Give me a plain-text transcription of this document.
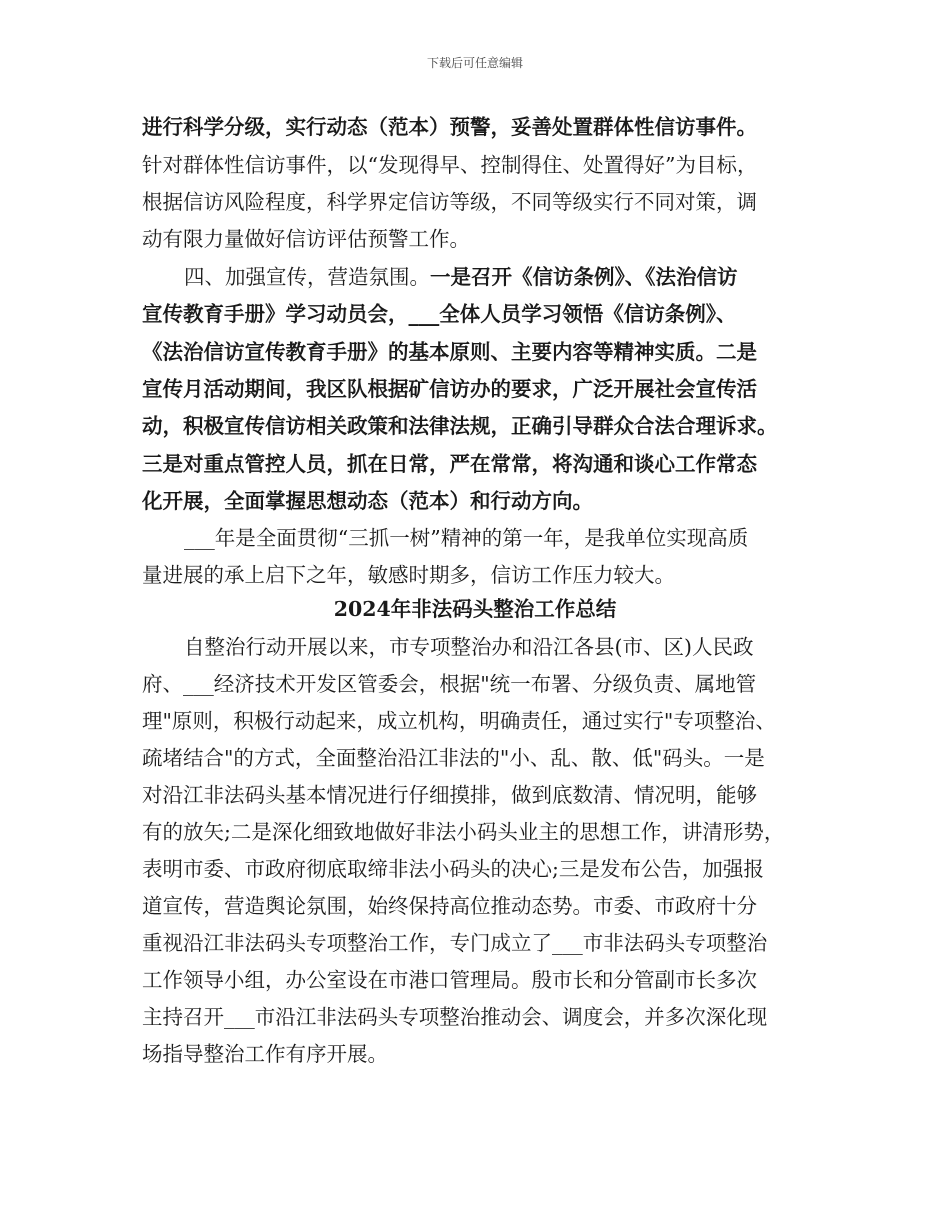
下载后可任意编辑
进行科学分级，实行动态（范本）预警，妥善处置群体性信访事件。
针对群体性信访事件，以“发现得早、控制得住、处置得好”为目标，
根据信访风险程度，科学界定信访等级，不同等级实行不同对策，调
动有限力量做好信访评估预警工作。
四、加强宣传，营造氛围。一是召开《信访条例》、《法治信访
宣传教育手册》学习动员会，___全体人员学习领悟《信访条例》、
《法治信访宣传教育手册》的基本原则、主要内容等精神实质。二是
宣传月活动期间，我区队根据矿信访办的要求，广泛开展社会宣传活
动，积极宣传信访相关政策和法律法规，正确引导群众合法合理诉求。
三是对重点管控人员，抓在日常，严在常常，将沟通和谈心工作常态
化开展，全面掌握思想动态（范本）和行动方向。
___年是全面贯彻“三抓一树”精神的第一年，是我单位实现高质
量进展的承上启下之年，敏感时期多，信访工作压力较大。
2024年非法码头整治工作总结
自整治行动开展以来，市专项整治办和沿江各县(市、区)人民政
府、___经济技术开发区管委会，根据"统一布署、分级负责、属地管
理"原则，积极行动起来，成立机构，明确责任，通过实行"专项整治、
疏堵结合"的方式，全面整治沿江非法的"小、乱、散、低"码头。一是
对沿江非法码头基本情况进行仔细摸排，做到底数清、情况明，能够
有的放矢;二是深化细致地做好非法小码头业主的思想工作，讲清形势，
表明市委、市政府彻底取缔非法小码头的决心;三是发布公告，加强报
道宣传，营造舆论氛围，始终保持高位推动态势。市委、市政府十分
重视沿江非法码头专项整治工作，专门成立了___市非法码头专项整治
工作领导小组，办公室设在市港口管理局。殷市长和分管副市长多次
主持召开___市沿江非法码头专项整治推动会、调度会，并多次深化现
场指导整治工作有序开展。
